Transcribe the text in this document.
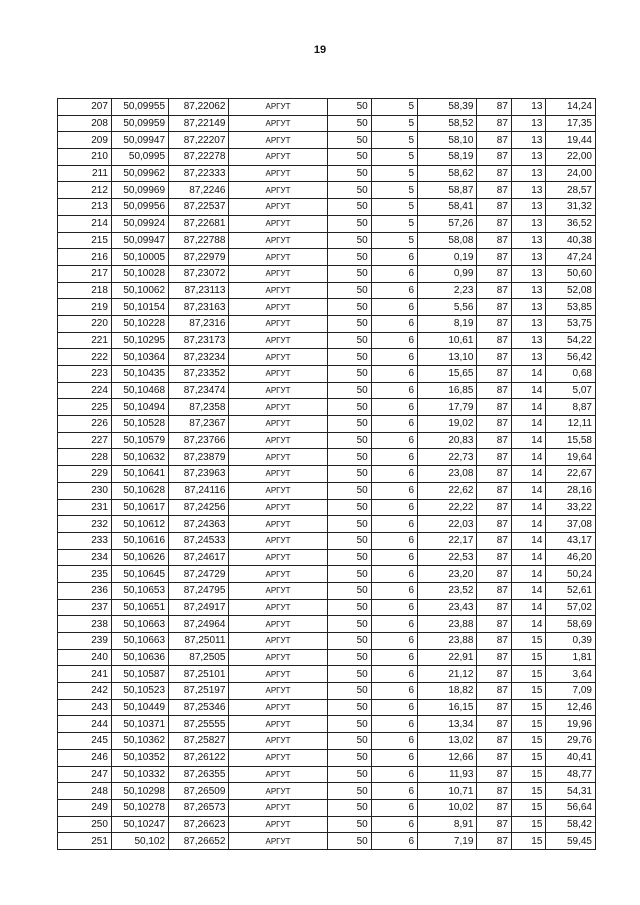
19
207	50,09955	87,22062	АРГУТ	50	5	58,39	87	13	14,24
208	50,09959	87,22149	АРГУТ	50	5	58,52	87	13	17,35
209	50,09947	87,22207	АРГУТ	50	5	58,10	87	13	19,44
210	50,0995	87,22278	АРГУТ	50	5	58,19	87	13	22,00
211	50,09962	87,22333	АРГУТ	50	5	58,62	87	13	24,00
212	50,09969	87,2246	АРГУТ	50	5	58,87	87	13	28,57
213	50,09956	87,22537	АРГУТ	50	5	58,41	87	13	31,32
214	50,09924	87,22681	АРГУТ	50	5	57,26	87	13	36,52
215	50,09947	87,22788	АРГУТ	50	5	58,08	87	13	40,38
216	50,10005	87,22979	АРГУТ	50	6	0,19	87	13	47,24
217	50,10028	87,23072	АРГУТ	50	6	0,99	87	13	50,60
218	50,10062	87,23113	АРГУТ	50	6	2,23	87	13	52,08
219	50,10154	87,23163	АРГУТ	50	6	5,56	87	13	53,85
220	50,10228	87,2316	АРГУТ	50	6	8,19	87	13	53,75
221	50,10295	87,23173	АРГУТ	50	6	10,61	87	13	54,22
222	50,10364	87,23234	АРГУТ	50	6	13,10	87	13	56,42
223	50,10435	87,23352	АРГУТ	50	6	15,65	87	14	0,68
224	50,10468	87,23474	АРГУТ	50	6	16,85	87	14	5,07
225	50,10494	87,2358	АРГУТ	50	6	17,79	87	14	8,87
226	50,10528	87,2367	АРГУТ	50	6	19,02	87	14	12,11
227	50,10579	87,23766	АРГУТ	50	6	20,83	87	14	15,58
228	50,10632	87,23879	АРГУТ	50	6	22,73	87	14	19,64
229	50,10641	87,23963	АРГУТ	50	6	23,08	87	14	22,67
230	50,10628	87,24116	АРГУТ	50	6	22,62	87	14	28,16
231	50,10617	87,24256	АРГУТ	50	6	22,22	87	14	33,22
232	50,10612	87,24363	АРГУТ	50	6	22,03	87	14	37,08
233	50,10616	87,24533	АРГУТ	50	6	22,17	87	14	43,17
234	50,10626	87,24617	АРГУТ	50	6	22,53	87	14	46,20
235	50,10645	87,24729	АРГУТ	50	6	23,20	87	14	50,24
236	50,10653	87,24795	АРГУТ	50	6	23,52	87	14	52,61
237	50,10651	87,24917	АРГУТ	50	6	23,43	87	14	57,02
238	50,10663	87,24964	АРГУТ	50	6	23,88	87	14	58,69
239	50,10663	87,25011	АРГУТ	50	6	23,88	87	15	0,39
240	50,10636	87,2505	АРГУТ	50	6	22,91	87	15	1,81
241	50,10587	87,25101	АРГУТ	50	6	21,12	87	15	3,64
242	50,10523	87,25197	АРГУТ	50	6	18,82	87	15	7,09
243	50,10449	87,25346	АРГУТ	50	6	16,15	87	15	12,46
244	50,10371	87,25555	АРГУТ	50	6	13,34	87	15	19,96
245	50,10362	87,25827	АРГУТ	50	6	13,02	87	15	29,76
246	50,10352	87,26122	АРГУТ	50	6	12,66	87	15	40,41
247	50,10332	87,26355	АРГУТ	50	6	11,93	87	15	48,77
248	50,10298	87,26509	АРГУТ	50	6	10,71	87	15	54,31
249	50,10278	87,26573	АРГУТ	50	6	10,02	87	15	56,64
250	50,10247	87,26623	АРГУТ	50	6	8,91	87	15	58,42
251	50,102	87,26652	АРГУТ	50	6	7,19	87	15	59,45
